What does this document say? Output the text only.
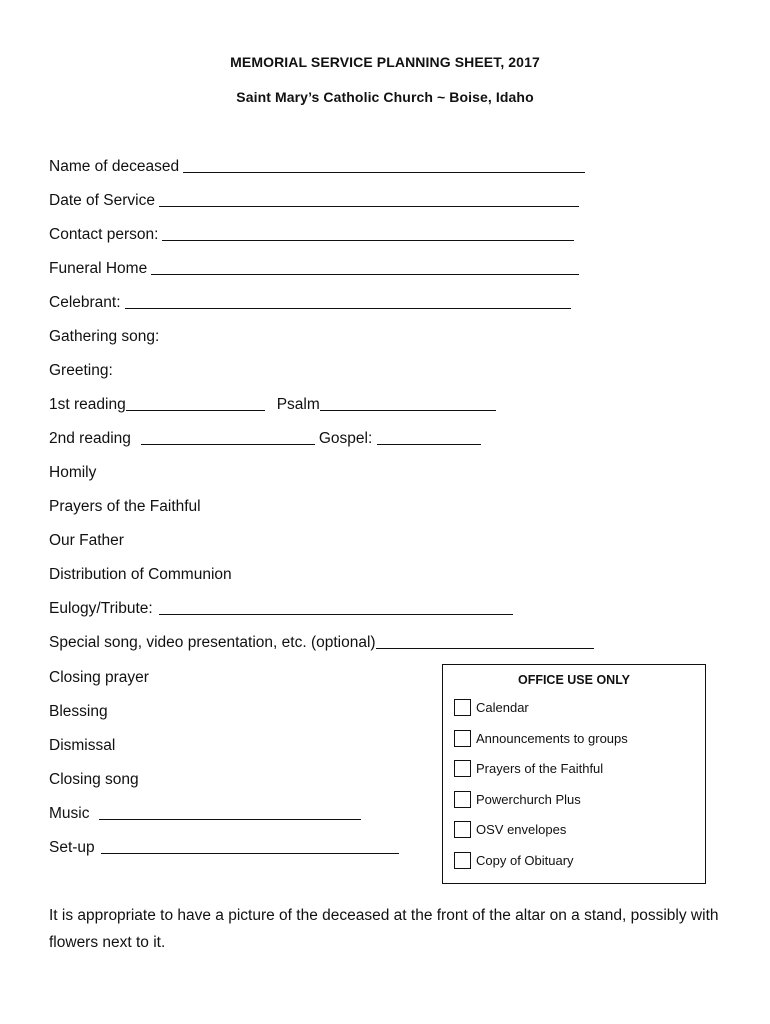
MEMORIAL SERVICE PLANNING SHEET, 2017
Saint Mary’s Catholic Church ~ Boise, Idaho
Name of deceased
Date of Service
Contact person:
Funeral Home
Celebrant:
Gathering song:
Greeting:
1st reading	Psalm
2nd reading	Gospel:
Homily
Prayers of the Faithful
Our Father
Distribution of Communion
Eulogy/Tribute:
Special song, video presentation, etc. (optional)
Closing prayer
Blessing
Dismissal
Closing song
Music
Set-up
OFFICE USE ONLY
Calendar
Announcements to groups
Prayers of the Faithful
Powerchurch Plus
OSV envelopes
Copy of Obituary
It is appropriate to have a picture of the deceased at the front of the altar on a stand, possibly with flowers next to it.
